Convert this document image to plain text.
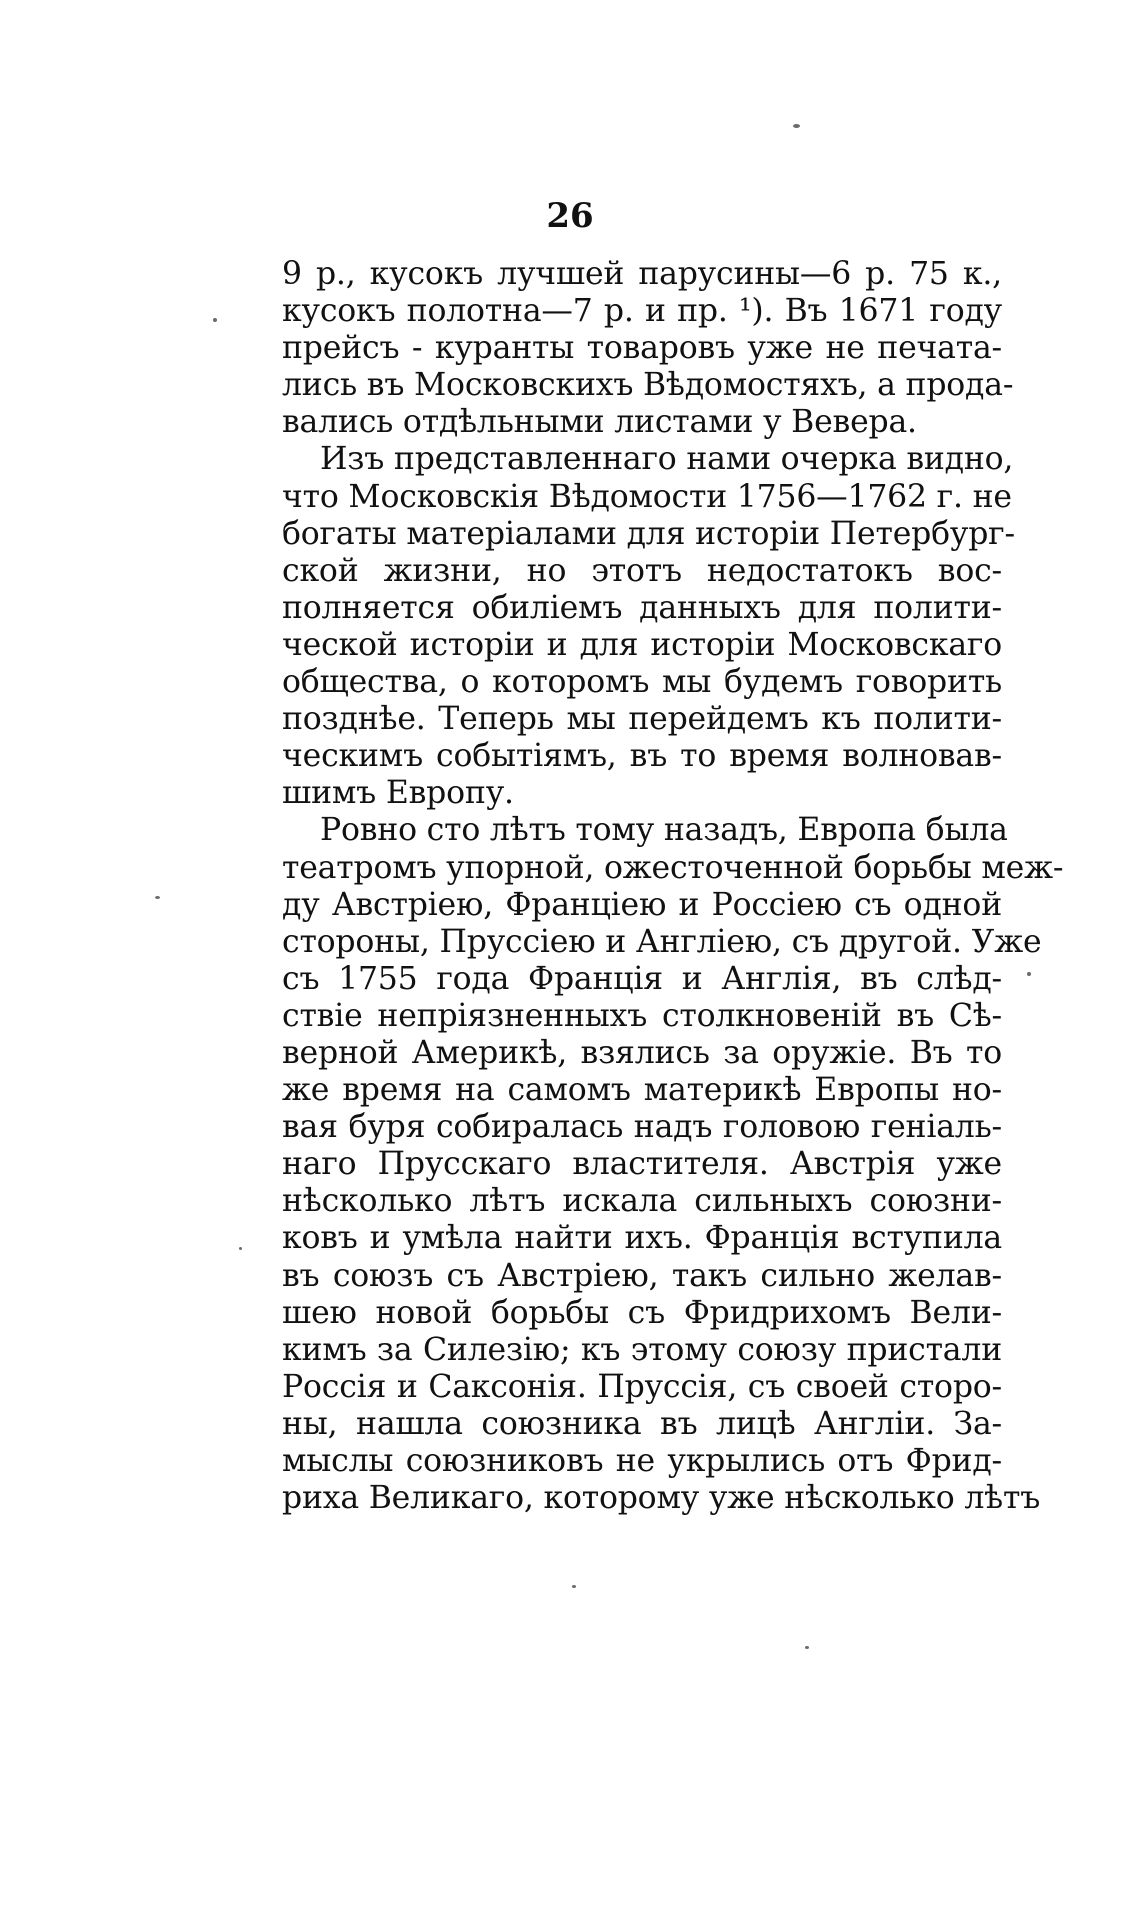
26
9 р., кусокъ лучшей парусины—6 р. 75 к.,
кусокъ полотна—7 р. и пр. ¹). Въ 1671 году
прейсъ - куранты товаровъ уже не печата-
лись въ Московскихъ Вѣдомостяхъ, а прода-
вались отдѣльными листами у Вевера.
Изъ представленнаго нами очерка видно,
что Московскія Вѣдомости 1756—1762 г. не
богаты матеріалами для исторіи Петербург-
ской жизни, но этотъ недостатокъ вос-
полняется обиліемъ данныхъ для полити-
ческой исторіи и для исторіи Московскаго
общества, о которомъ мы будемъ говорить
позднѣе. Теперь мы перейдемъ къ полити-
ческимъ событіямъ, въ то время волновав-
шимъ Европу.
Ровно сто лѣтъ тому назадъ, Европа была
театромъ упорной, ожесточенной борьбы меж-
ду Австріею, Франціею и Россіею съ одной
стороны, Пруссіею и Англіею, съ другой. Уже
съ 1755 года Франція и Англія, въ слѣд-
ствіе непріязненныхъ столкновеній въ Сѣ-
верной Америкѣ, взялись за оружіе. Въ то
же время на самомъ материкѣ Европы но-
вая буря собиралась надъ головою геніаль-
наго Прусскаго властителя. Австрія уже
нѣсколько лѣтъ искала сильныхъ союзни-
ковъ и умѣла найти ихъ. Франція вступила
въ союзъ съ Австріею, такъ сильно желав-
шею новой борьбы съ Фридрихомъ Вели-
кимъ за Силезію; къ этому союзу пристали
Россія и Саксонія. Пруссія, съ своей сторо-
ны, нашла союзника въ лицѣ Англіи. За-
мыслы союзниковъ не укрылись отъ Фрид-
риха Великаго, которому уже нѣсколько лѣтъ
